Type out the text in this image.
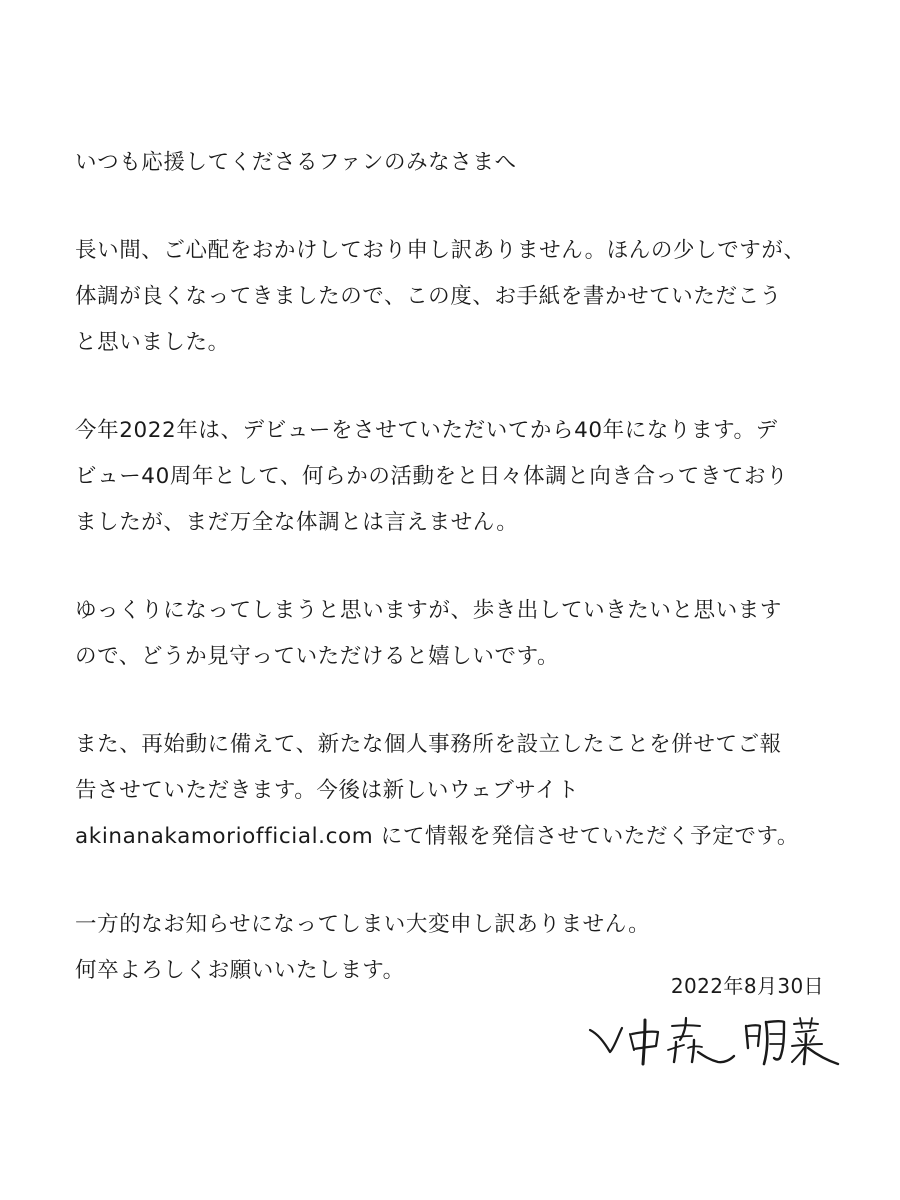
いつも応援してくださるファンのみなさまへ
長い間、ご心配をおかけしており申し訳ありません。ほんの少しですが、
体調が良くなってきましたので、この度、お手紙を書かせていただこう
と思いました。
今年2022年は、デビューをさせていただいてから40年になります。デ
ビュー40周年として、何らかの活動をと日々体調と向き合ってきており
ましたが、まだ万全な体調とは言えません。
ゆっくりになってしまうと思いますが、歩き出していきたいと思います
ので、どうか見守っていただけると嬉しいです。
また、再始動に備えて、新たな個人事務所を設立したことを併せてご報
告させていただきます。今後は新しいウェブサイト
akinanakamoriofficial.com にて情報を発信させていただく予定です。
一方的なお知らせになってしまい大変申し訳ありません。
何卒よろしくお願いいたします。
2022年8月30日
